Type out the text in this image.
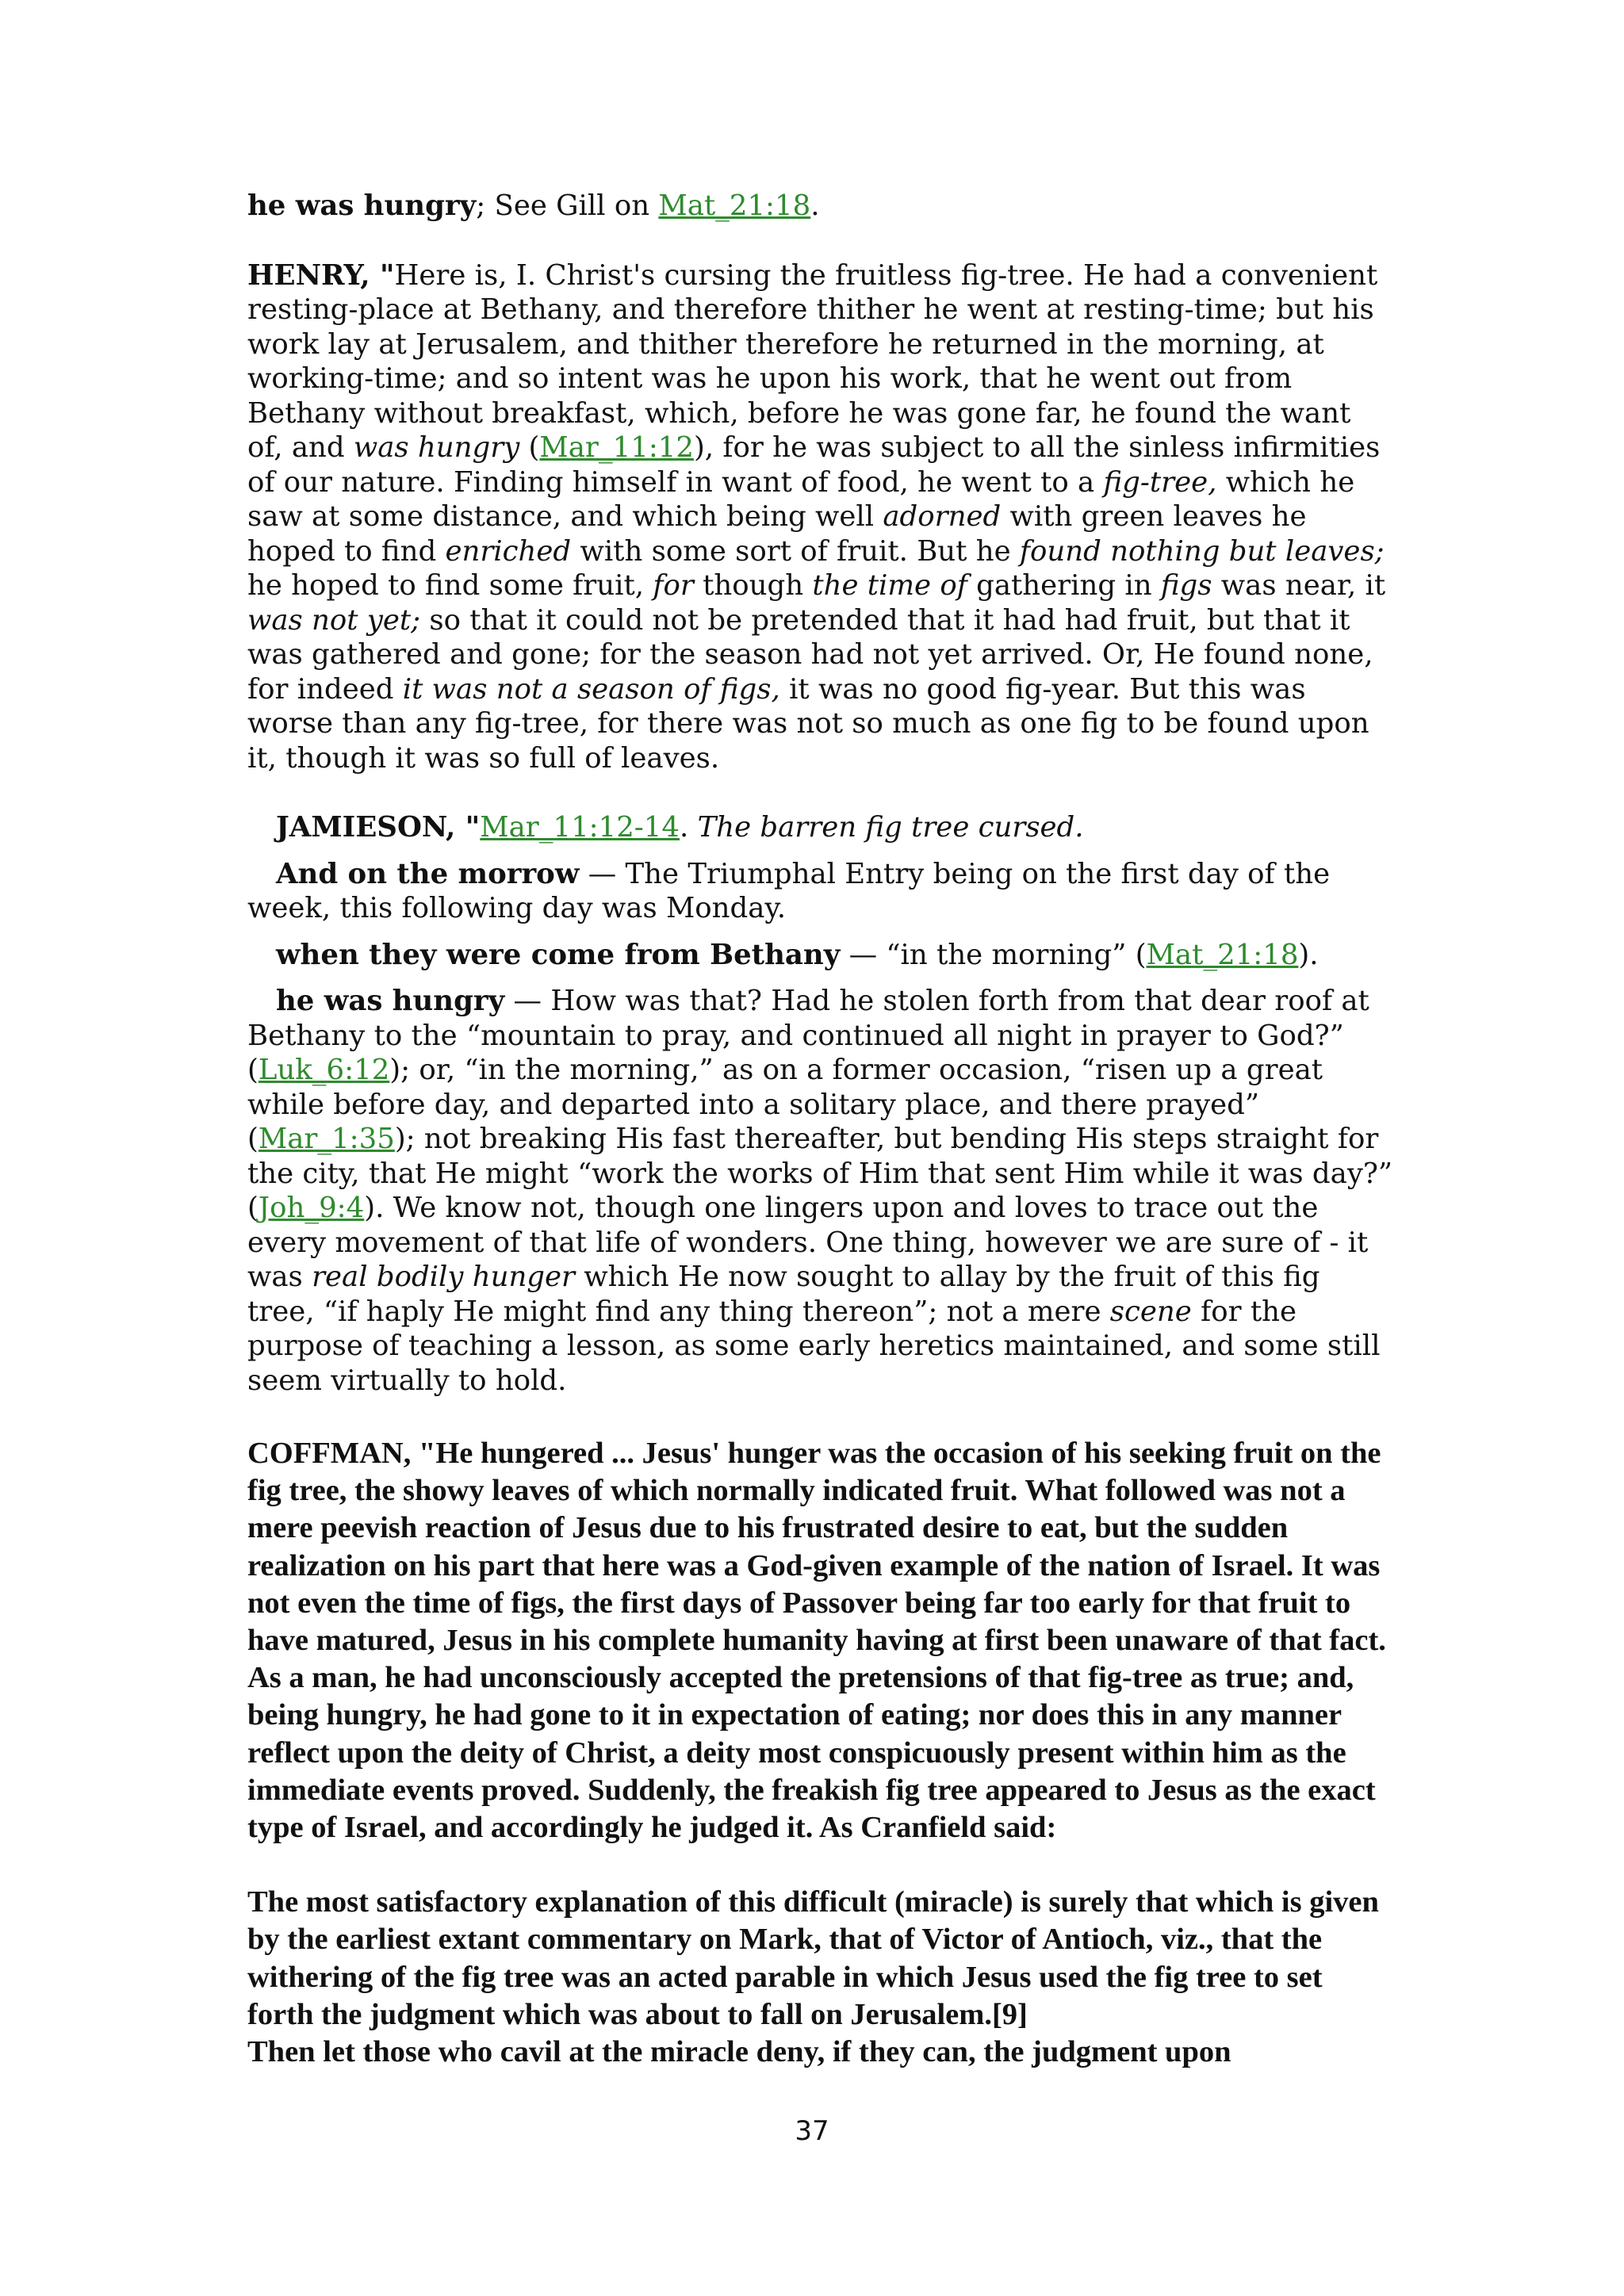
he was hungry; See Gill on Mat_21:18.

HENRY, "Here is, I. Christ's cursing the fruitless fig-tree. He had a convenient resting-place at Bethany, and therefore thither he went at resting-time; but his work lay at Jerusalem, and thither therefore he returned in the morning, at working-time; and so intent was he upon his work, that he went out from Bethany without breakfast, which, before he was gone far, he found the want of, and was hungry (Mar_11:12), for he was subject to all the sinless infirmities of our nature. Finding himself in want of food, he went to a fig-tree, which he saw at some distance, and which being well adorned with green leaves he hoped to find enriched with some sort of fruit. But he found nothing but leaves; he hoped to find some fruit, for though the time of gathering in figs was near, it was not yet; so that it could not be pretended that it had had fruit, but that it was gathered and gone; for the season had not yet arrived. Or, He found none, for indeed it was not a season of figs, it was no good fig-year. But this was worse than any fig-tree, for there was not so much as one fig to be found upon it, though it was so full of leaves.

JAMIESON, "Mar_11:12-14. The barren fig tree cursed.

And on the morrow — The Triumphal Entry being on the first day of the week, this following day was Monday.

when they were come from Bethany — “in the morning” (Mat_21:18).

he was hungry — How was that? Had he stolen forth from that dear roof at Bethany to the “mountain to pray, and continued all night in prayer to God?” (Luk_6:12); or, “in the morning,” as on a former occasion, “risen up a great while before day, and departed into a solitary place, and there prayed” (Mar_1:35); not breaking His fast thereafter, but bending His steps straight for the city, that He might “work the works of Him that sent Him while it was day?” (Joh_9:4). We know not, though one lingers upon and loves to trace out the every movement of that life of wonders. One thing, however we are sure of - it was real bodily hunger which He now sought to allay by the fruit of this fig tree, “if haply He might find any thing thereon”; not a mere scene for the purpose of teaching a lesson, as some early heretics maintained, and some still seem virtually to hold.

COFFMAN, "He hungered ... Jesus' hunger was the occasion of his seeking fruit on the fig tree, the showy leaves of which normally indicated fruit. What followed was not a mere peevish reaction of Jesus due to his frustrated desire to eat, but the sudden realization on his part that here was a God-given example of the nation of Israel. It was not even the time of figs, the first days of Passover being far too early for that fruit to have matured, Jesus in his complete humanity having at first been unaware of that fact. As a man, he had unconsciously accepted the pretensions of that fig-tree as true; and, being hungry, he had gone to it in expectation of eating; nor does this in any manner reflect upon the deity of Christ, a deity most conspicuously present within him as the immediate events proved. Suddenly, the freakish fig tree appeared to Jesus as the exact type of Israel, and accordingly he judged it. As Cranfield said:

The most satisfactory explanation of this difficult (miracle) is surely that which is given by the earliest extant commentary on Mark, that of Victor of Antioch, viz., that the withering of the fig tree was an acted parable in which Jesus used the fig tree to set forth the judgment which was about to fall on Jerusalem.[9]

Then let those who cavil at the miracle deny, if they can, the judgment upon

37
